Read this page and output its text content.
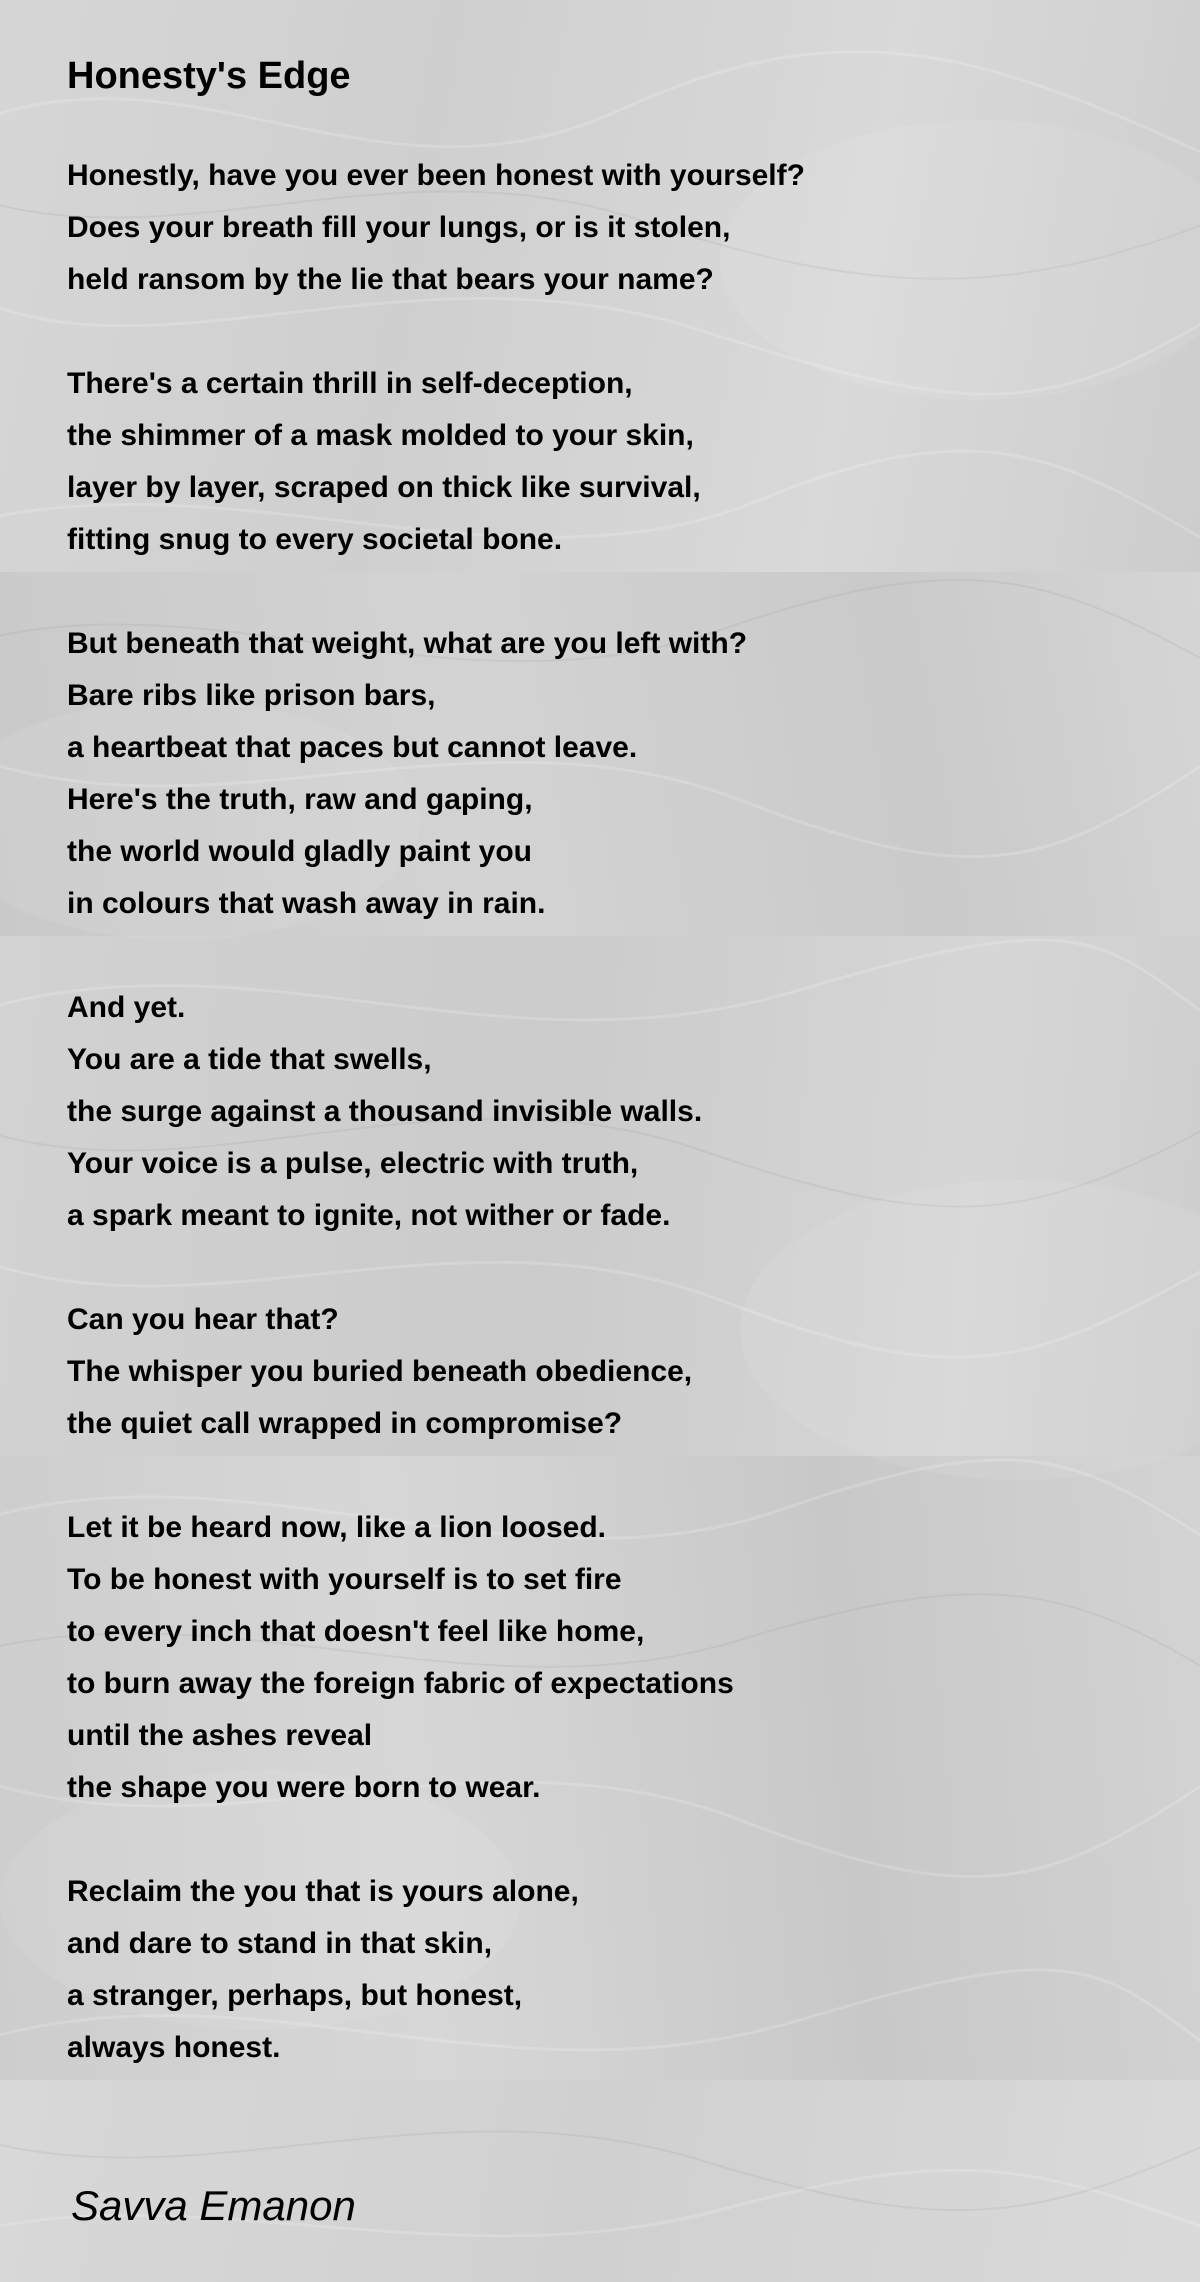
Honesty's Edge
Honestly, have you ever been honest with yourself?
Does your breath fill your lungs, or is it stolen,
held ransom by the lie that bears your name?
There's a certain thrill in self-deception,
the shimmer of a mask molded to your skin,
layer by layer, scraped on thick like survival,
fitting snug to every societal bone.
But beneath that weight, what are you left with?
Bare ribs like prison bars,
a heartbeat that paces but cannot leave.
Here's the truth, raw and gaping,
the world would gladly paint you
in colours that wash away in rain.
And yet.
You are a tide that swells,
the surge against a thousand invisible walls.
Your voice is a pulse, electric with truth,
a spark meant to ignite, not wither or fade.
Can you hear that?
The whisper you buried beneath obedience,
the quiet call wrapped in compromise?
Let it be heard now, like a lion loosed.
To be honest with yourself is to set fire
to every inch that doesn't feel like home,
to burn away the foreign fabric of expectations
until the ashes reveal
the shape you were born to wear.
Reclaim the you that is yours alone,
and dare to stand in that skin,
a stranger, perhaps, but honest,
always honest.
Savva Emanon
